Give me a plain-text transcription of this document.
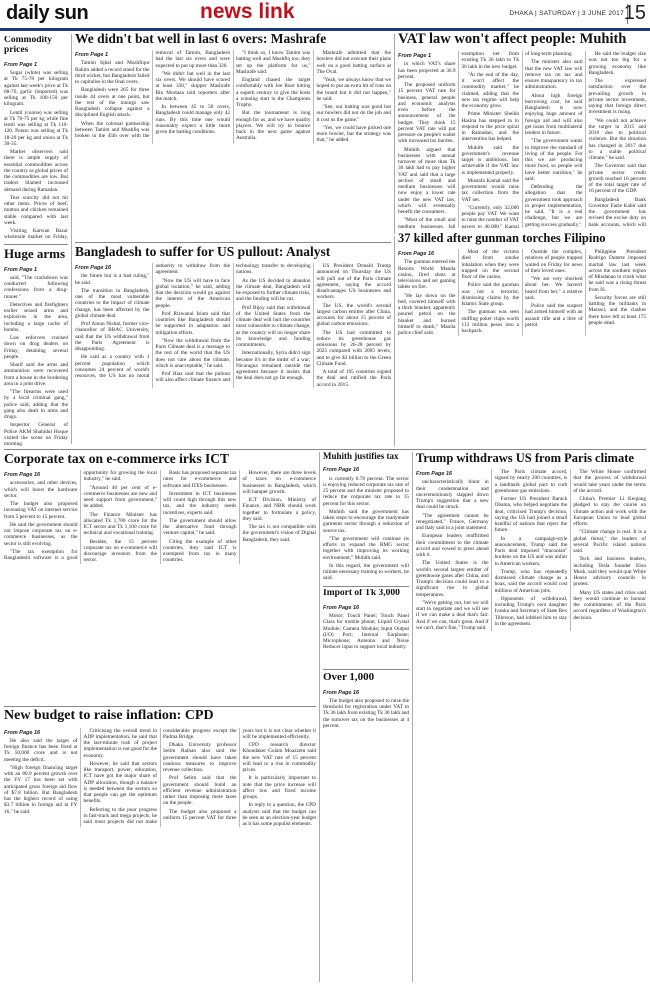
daily sun	news link	DHAKA | SATURDAY | 3 JUNE 2017 15
Commodity prices
From Page 1

Sugar (white) was selling at Tk 75-78 per kilogram against last week's price at Tk 68-70, garlic (imported) was selling at Tk 100-150 per kilogram.

Lentil (coarse) was selling at Tk 70-75 per kg while fine lentil was selling at Tk 110-120. Potato was selling at Tk 18-20 per kg and onion at Tk 30-35.

Market observers said there is ample supply of essential commodities across the country as global prices of the commodities are low. But traders blamed increased demand during Ramadan.

Tear scarcity did not hit other items. Prices of beef, mutton and chicken remained stable compared with last week.

Visiting Karwan Bazar wholesale market on Friday,

Huge arms
From Page 1

said, "The crackdown was conducted following confessions from a drug-runner."

Detectives and firefighters earlier seized arms and explosives in the area, including a large cache of bombs.

Law enforcers cracked down on drug dealers on Friday, detaining several people.

Sharif said the arms and ammunition were recovered from a house in the bordering area in a joint drive.

"The firearms were used by a local criminal gang," police said, adding that the gang also dealt in arms and drugs.

Inspector General of Police AKM Shahidul Hoque visited the scene on Friday morning.

We didn't bat well in last 6 overs: Mashrafe
From Page 1

Tamim Iqbal and Mushfiqur Rahim added a record stand for the third wicket, but Bangladesh failed to capitalise in the final overs.

Bangladesh were 265 for three inside 44 overs at one point, but the rest of the innings saw Bangladesh collapse against a disciplined English attack.

When the colossal partnership between Tamim and Mushfiq was broken in the 45th over with the removal of Tamim, Bangladesh had the last six overs and were expected to put up more than 320.

"We didn't bat well in the last six overs. We should have scored at least 330," skipper Mashrafe Bin Mortaza told reporters after the match.

In between 45 to 50 overs, Bangladesh could manage only 42 runs. By this time one would reasonably expect a little more given the batting conditions.

"I think so, I know Tamim was batting well and Mushfiq too, they set up the platform for us," Mashrafe said.

England chased the target comfortably with Joe Root hitting a superb century to give the hosts a winning start in the Champions Trophy.

But the tournament is long enough for us, and we have quality players. We will try to bounce back in the next game against Australia.

Mashrafe admitted that the bowlers did not execute their plans well on a good batting surface at The Oval.

"Yeah, we always know that we hoped to put an extra bit of runs on the board but it did not happen," he said.

"See, our batting was good but our bowlers did not do the job and it cost us the game."

"Yes, we could have picked one more bowler, but the strategy was that," he added.

VAT law won't affect people: Muhith
From Page 1

in which VAT's share has been projected at 36.9 percent.

The proposed uniform 15 percent VAT rate for business, general people and economic analysts even before the announcement of the budget. They think 15 percent VAT rate will put pressure on people's wallet with increased tax burden.

Muhith argued that businesses with annual turnover of more than Tk 36 lakh had to pay higher VAT and said that a large section of small and medium businesses will now enjoy a lower rate under the new VAT law, which will eventually benefit the consumers.

"Most of the small and medium businesses fall

exemption net from existing Tk 36 lakh to Tk 36 lakh in the new budget.

"At the end of the day, it won't affect the commodity market," he claimed, adding that the new tax regime will help the economy grow.

Prime Minister Sheikh Hasina has stepped in to respond to the price spiral in Ramadan, and the intervention has helped.

Muhith said the government's revenue target is ambitious, but achievable if the VAT law is implemented properly.

Mustafa Kamal said the government would raise tax collection from the VAT net.

"Currently, only 32,000 people pay VAT. We want to raise the number of VAT payers to 40,000," Kamal

of long-term planning.

The minister also said that the new VAT law will remove tax on tax and ensure transparency in tax administration.

About high foreign borrowing cost, he said Bangladesh is now enjoying huge amount of foreign aid and will also get loans from multilateral lenders in future.

"The government wants to improve the standard of living of the people. For this we are producing more food, so people will have better nutrition," he said.

Defending the allegation that the government took approach in proper implementation, he said, "It is a real challenge, but we are getting success gradually."

He said the budget size was not too big for a growing economy like Bangladesh.

The expressed satisfaction over the prevailing growth in private sector investment, saying that foreign direct investment is rising.

"We could not achieve the target in 2015 and 2016 due to political violence. But the situation has changed in 2017 due to a stable political climate," he said.

The Governor said that private sector credit growth reached 16 percent of the total target rate of 16 percent of the GDP.

Bangladesh Bank Governor Fazle Kabir said the government has revised the excise duty on bank accounts, which will

Bangladesh to suffer for US pullout: Analyst
From Page 16

the future but is a bad ruling," he said.

The transition in Bangladesh, one of the most vulnerable countries to the impact of climate change, has been affected by the global climate deal.

Prof Ainun Nishat, former vice-chancellor of BRAC University, said that the US withdrawal from the Paris Agreement is disappointing.

He said as a country with 1 percent population which consumes 24 percent of world's resources, the US has no moral authority to withdraw from the agreement.

"Now the US will have to face global isolation," he said, adding that the decision would go against the interest of the American people.

Prof Rizwanul Islam said that countries like Bangladesh should be supported in adaptation and mitigation efforts.

"Now the withdrawal from the Paris Climate deal is a message to the rest of the world that the US does not care about the climate, which is unacceptable," he said.

Prof Riaz said that the pullout will also affect climate finance and technology transfer to developing nations.

As the US decided to abandon the climate deal, Bangladesh will be exposed to further climate risks, and the funding will be cut.

Prof Bijoy said that withdrawal of the United States from the climate deal will hurt the countries most vulnerable to climate change, as the country will no longer share its knowledge and funding commitments.

Internationally, Syria didn't sign because it's in the midst of a war; Nicaragua remained outside the agreement because it insists that the deal does not go far enough.

US President Donald Trump announced on Thursday the US will pull out of the Paris climate agreement, saying the accord disadvantages US businesses and workers.

The US, the world's second largest carbon emitter after China, accounts for about 15 percent of global carbon emissions.

The US had committed to reduce its greenhouse gas emissions by 26-28 percent by 2025 compared with 2005 levels, and to give $3 billion to the Green Climate Fund.

A total of 195 countries signed the deal and ratified the Paris accord in 2015.

37 killed after gunman torches Filipino
From Page 16

The gunman entered the Resorts World Manila casino, fired shots at televisions and set gaming tables on fire.

"He lay down on the bed, covered himself with a thick blanket, apparently poured petrol on the blanket and burned himself to death," Manila police chief said.

Most of the victims died from smoke inhalation when they were trapped on the second floor of the casino.

Police said the gunman was not a terrorist, dismissing claims by the Islamic State group.

The gunman was seen stuffing poker chips worth 113 million pesos into a backpack.

Outside the complex, relatives of people trapped waited on Friday for news of their loved ones.

"We are very shocked about her. We haven't heard from her," a relative said.

Police said the suspect had armed himself with an assault rifle and a litre of petrol.

Philippine President Rodrigo Duterte imposed martial law last week across the southern region of Mindanao to crush what he said was a rising threat from IS.

Security forces are still battling the militants in Marawi, and the clashes there have left at least 175 people dead.

Corporate tax on e-commerce irks ICT
From Page 16

accessories, and other devices, which will boost the hardware sector.

The budget also proposed increasing VAT on internet service from 5 percent to 15 percent.

He said the government should not impose corporate tax on e-commerce businesses, as the sector is still evolving.

"The tax exemption for Bangladeshi software is a good opportunity for growing the local industry," he said.

"Around 40 per cent of e-commerce businesses are new and need support from government," he added.

The Finance Minister has allocated Tk 1,700 crore for the ICT sector and Tk 1,100 crore for technical and vocational training.

Besides, the 15 percent corporate tax on e-commerce will discourage investors from the sector.

Basis has proposed separate tax rates for e-commerce and software and ITES businesses.

Investment in ICT businesses will count high through this new tax, and the industry needs incentives, experts said.

The government should allow the alternative fund through venture capital," he said.

Citing the example of other countries, they said ICT is exempted from tax in many countries.

However, there are three levels of taxes on e-commerce businesses in Bangladesh, which will hamper growth.

ICT Division, Ministry of Finance, and NBR should work together to formulate a policy, they said.

The tax is not compatible with the government's vision of Digital Bangladesh, they said.

Muhith justifies tax
From Page 16

is currently 0.78 percent. The sector is enjoying reduced corporate tax rate of 25 percent and the minister proposed to reduce the corporate tax rate to 15 percent for this sector.

Muhith said the government has taken steps to encourage the readymade garments sector through a reduction of source tax.

"The government will continue its efforts to expand the RMG sector together with improving its working environment," Muhith said.

In this regard, the government will initiate necessary training to workers, he said.

Import of Tk 3,000
From Page 16

Motor; Touch Panel; Touch Panel Glass for mobile phone; Liquid Crystal Module; Camera Module; Input Output (I/O) Port; Internal Earphone; Microphone; Antenna and Noise Reducer input to support local industry.

Over 1,000
From Page 16

The budget also proposed to raise the threshold for registration under VAT to Tk 36 lakh from existing Tk 30 lakh and the turnover tax on the businesses at 4 percent.

Trump withdraws US from Paris climate
From Page 16

uncharacteristically blunt in their condemnation and unceremoniously slapped down Trump's suggestion that a new deal could be struck.

"The agreement cannot be renegotiated," France, Germany and Italy said in a joint statement.

European leaders reaffirmed their commitment to the climate accord and vowed to press ahead with it.

The United States is the world's second largest emitter of greenhouse gases after China, and Trump's decision could lead to a significant rise in global temperatures.

"We're getting out, but we will start to negotiate and we will see if we can make a deal that's fair. And if we can, that's great. And if we can't, that's fine," Trump said.

The Paris climate accord, signed by nearly 200 countries, is a landmark global pact to curb greenhouse gas emissions.

Former US President Barack Obama, who helped negotiate the deal, criticised Trump's decision, saying the US had joined a small handful of nations that reject the future.

In a campaign-style announcement, Trump said the Paris deal imposed "draconian" burdens on the US and was unfair to American workers.

Trump, who has repeatedly dismissed climate change as a hoax, said the accord would cost millions of American jobs.

Opponents of withdrawal, including Trump's own daughter Ivanka and Secretary of State Rex Tillerson, had lobbied him to stay in the agreement.

The White House confirmed that the process of withdrawal would take years under the terms of the accord.

China's Premier Li Keqiang pledged to stay the course on climate action and work with the European Union to lead global efforts.

"Climate change is real. It is a global threat," the leaders of several Pacific island nations said.

Tech and business leaders, including Tesla founder Elon Musk, said they would quit White House advisory councils in protest.

Many US states and cities said they would continue to honour the commitments of the Paris accord regardless of Washington's decision.

New budget to raise inflation: CPD
From Page 16

He also said the target of foreign finance has been fixed at Tk 50,000 crore and is not meeting the deficit.

"High foreign financing target with an 80.9 percent growth over the FY 17 has been set with anticipated gross foreign aid flow of $7.8 billion. But Bangladesh has the highest record of using $3.7 billion in foreign aid in FY 16," he said.

Criticising the overall trend in ADP implementation, he said that the last-minute rush of project implementation is not good for the economy.

However, he said that sectors like transport, power, education, ICT have got the major share of ADP allocation, though a balance is needed between the sectors so that people can get the optimum benefits.

Referring to the poor progress in fast-track and mega projects, he said most projects did not make considerable progress except the Padma Bridge.

Dhaka University professor Selim Raihan also said the government should have taken cautious measures to improve revenue collection.

Prof Selim said that the government should build an efficient revenue administration rather than imposing more taxes on the people.

The budget also proposed a uniform 15 percent VAT for three years but it is not clear whether it will be implemented efficiently.

CPD research director Khondaker Golam Moazzem said the new VAT rate of 15 percent will lead to a rise in commodity prices.

It is particularly important to note that the price increase will affect low and fixed income groups.

In reply to a question, the CPD analysts said that the budget can be seen as an election-year budget as it has some populist elements.
